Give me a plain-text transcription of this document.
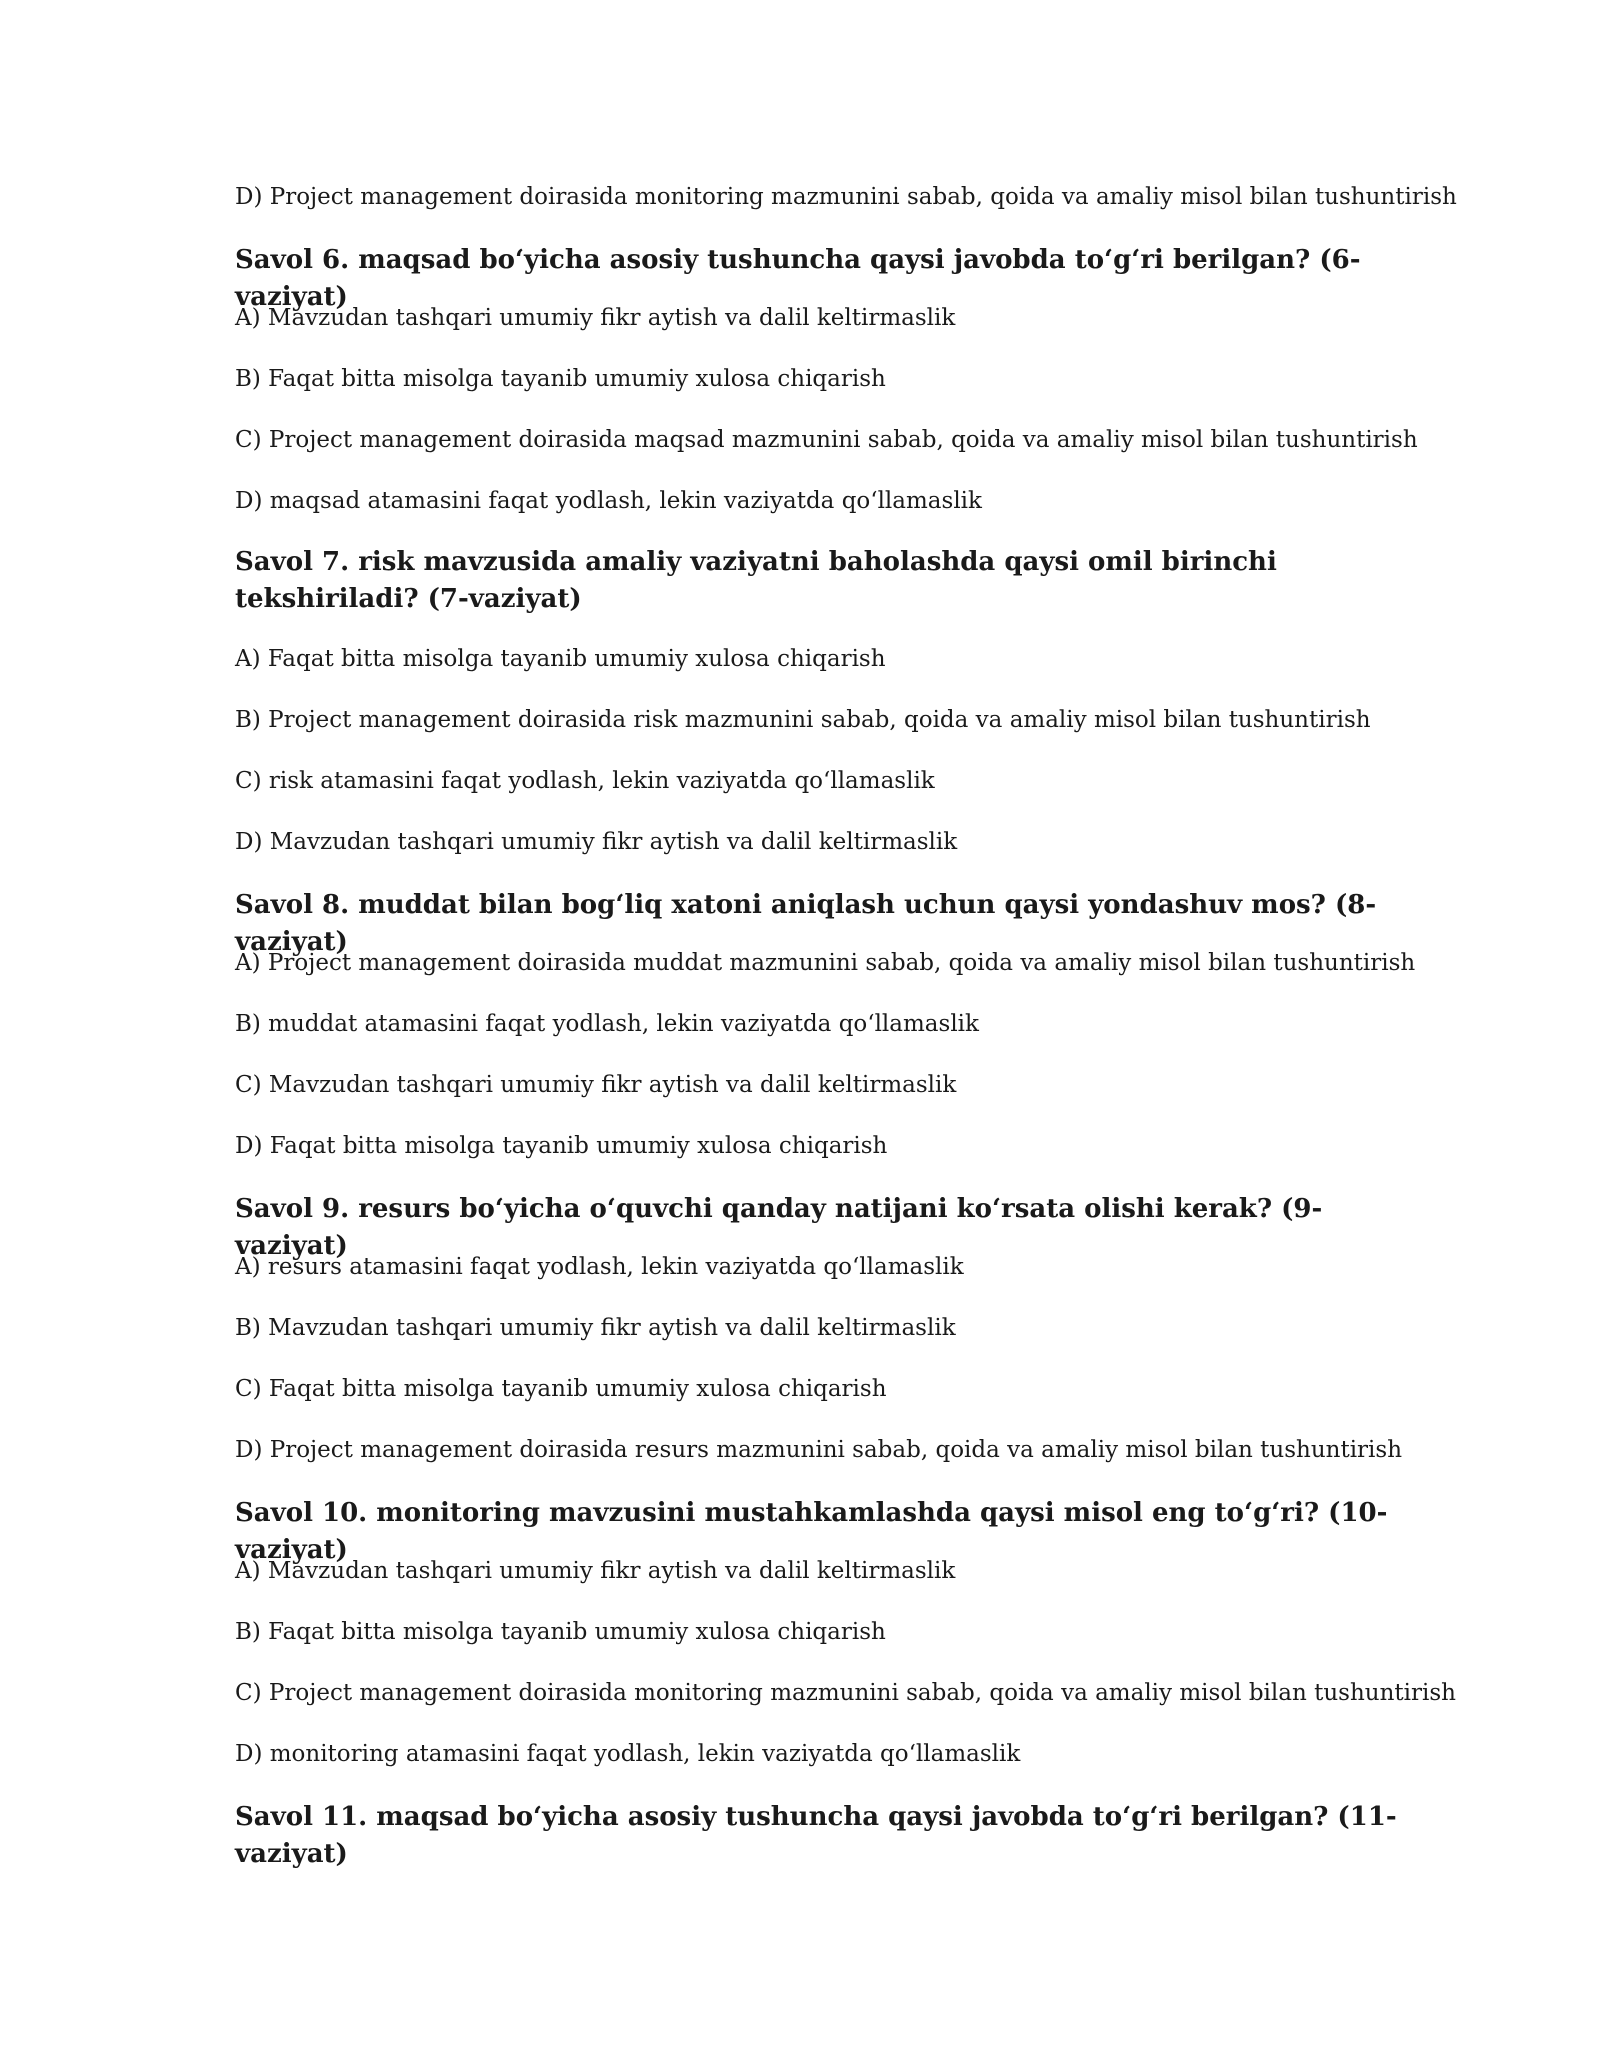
D) Project management doirasida monitoring mazmunini sabab, qoida va amaliy misol bilan tushuntirish

Savol 6. maqsad bo‘yicha asosiy tushuncha qaysi javobda to‘g‘ri berilgan? (6-vaziyat)

A) Mavzudan tashqari umumiy fikr aytish va dalil keltirmaslik

B) Faqat bitta misolga tayanib umumiy xulosa chiqarish

C) Project management doirasida maqsad mazmunini sabab, qoida va amaliy misol bilan tushuntirish

D) maqsad atamasini faqat yodlash, lekin vaziyatda qo‘llamaslik

Savol 7. risk mavzusida amaliy vaziyatni baholashda qaysi omil birinchi tekshiriladi? (7-vaziyat)

A) Faqat bitta misolga tayanib umumiy xulosa chiqarish

B) Project management doirasida risk mazmunini sabab, qoida va amaliy misol bilan tushuntirish

C) risk atamasini faqat yodlash, lekin vaziyatda qo‘llamaslik

D) Mavzudan tashqari umumiy fikr aytish va dalil keltirmaslik

Savol 8. muddat bilan bog‘liq xatoni aniqlash uchun qaysi yondashuv mos? (8-vaziyat)

A) Project management doirasida muddat mazmunini sabab, qoida va amaliy misol bilan tushuntirish

B) muddat atamasini faqat yodlash, lekin vaziyatda qo‘llamaslik

C) Mavzudan tashqari umumiy fikr aytish va dalil keltirmaslik

D) Faqat bitta misolga tayanib umumiy xulosa chiqarish

Savol 9. resurs bo‘yicha o‘quvchi qanday natijani ko‘rsata olishi kerak? (9-vaziyat)

A) resurs atamasini faqat yodlash, lekin vaziyatda qo‘llamaslik

B) Mavzudan tashqari umumiy fikr aytish va dalil keltirmaslik

C) Faqat bitta misolga tayanib umumiy xulosa chiqarish

D) Project management doirasida resurs mazmunini sabab, qoida va amaliy misol bilan tushuntirish

Savol 10. monitoring mavzusini mustahkamlashda qaysi misol eng to‘g‘ri? (10-vaziyat)

A) Mavzudan tashqari umumiy fikr aytish va dalil keltirmaslik

B) Faqat bitta misolga tayanib umumiy xulosa chiqarish

C) Project management doirasida monitoring mazmunini sabab, qoida va amaliy misol bilan tushuntirish

D) monitoring atamasini faqat yodlash, lekin vaziyatda qo‘llamaslik

Savol 11. maqsad bo‘yicha asosiy tushuncha qaysi javobda to‘g‘ri berilgan? (11-vaziyat)
